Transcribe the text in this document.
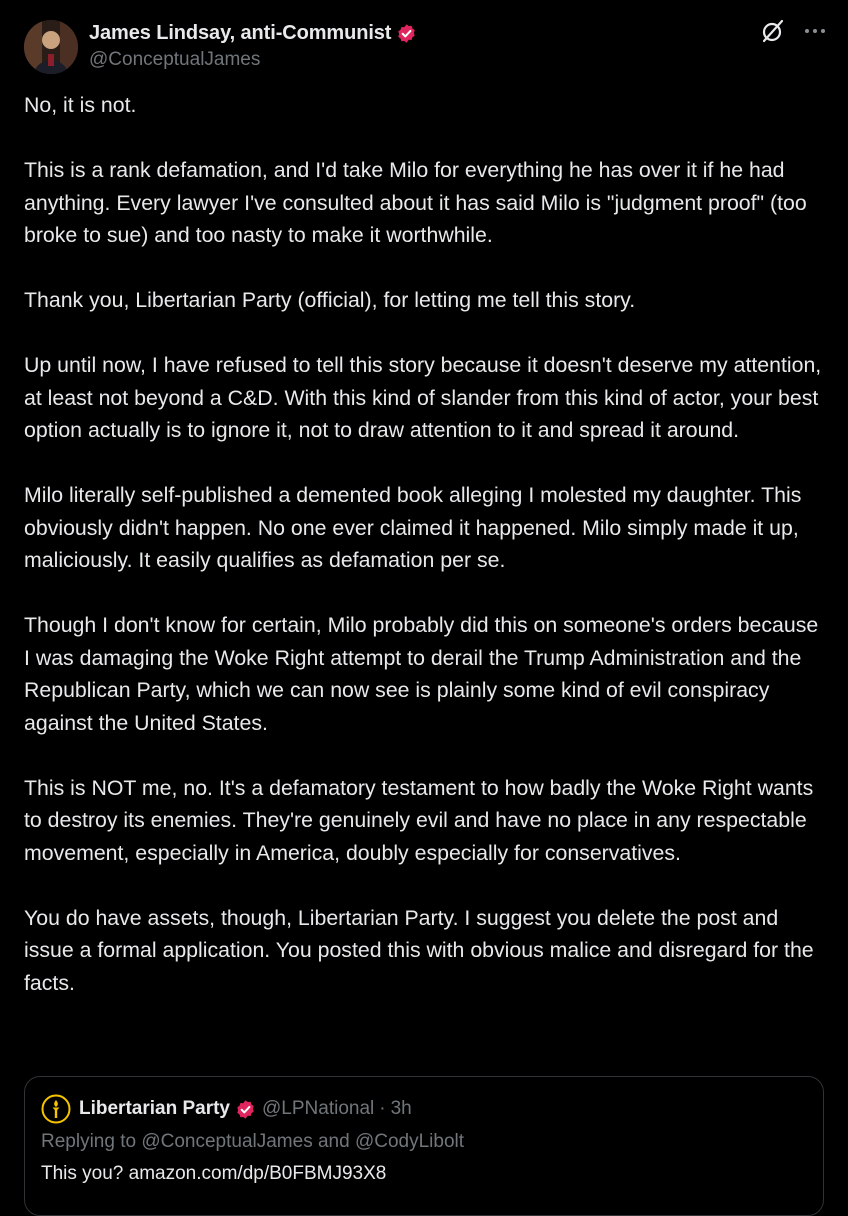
James Lindsay, anti-Communist
@ConceptualJames

No, it is not.

This is a rank defamation, and I'd take Milo for everything he has over it if he had anything. Every lawyer I've consulted about it has said Milo is "judgment proof" (too broke to sue) and too nasty to make it worthwhile.

Thank you, Libertarian Party (official), for letting me tell this story.

Up until now, I have refused to tell this story because it doesn't deserve my attention, at least not beyond a C&D. With this kind of slander from this kind of actor, your best option actually is to ignore it, not to draw attention to it and spread it around.

Milo literally self-published a demented book alleging I molested my daughter. This obviously didn't happen. No one ever claimed it happened. Milo simply made it up, maliciously. It easily qualifies as defamation per se.

Though I don't know for certain, Milo probably did this on someone's orders because I was damaging the Woke Right attempt to derail the Trump Administration and the Republican Party, which we can now see is plainly some kind of evil conspiracy against the United States.

This is NOT me, no. It's a defamatory testament to how badly the Woke Right wants to destroy its enemies. They're genuinely evil and have no place in any respectable movement, especially in America, doubly especially for conservatives.

You do have assets, though, Libertarian Party. I suggest you delete the post and issue a formal application. You posted this with obvious malice and disregard for the facts.

Libertarian Party @LPNational · 3h
Replying to @ConceptualJames and @CodyLibolt
This you? amazon.com/dp/B0FBMJ93X8
